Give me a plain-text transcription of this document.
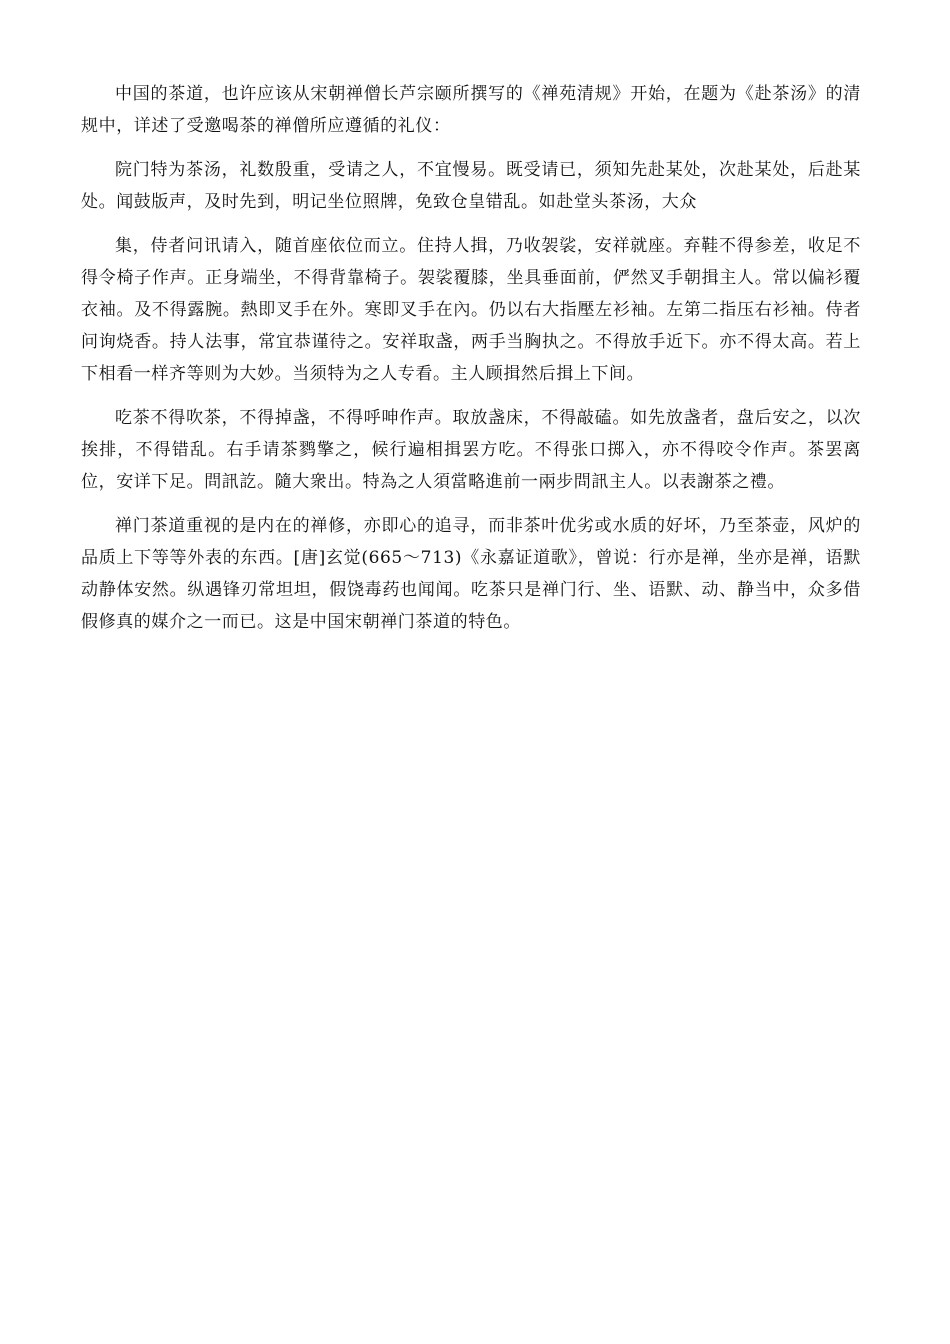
中国的茶道，也许应该从宋朝禅僧长芦宗颐所撰写的《禅苑清规》开始，在题为《赴茶汤》的清规中，详述了受邀喝茶的禅僧所应遵循的礼仪：

院门特为茶汤，礼数殷重，受请之人，不宜慢易。既受请已，须知先赴某处，次赴某处，后赴某处。闻鼓版声，及时先到，明记坐位照牌，免致仓皇错乱。如赴堂头茶汤，大众

集，侍者问讯请入，随首座依位而立。住持人揖，乃收袈裟，安祥就座。弃鞋不得参差，收足不得令椅子作声。正身端坐，不得背靠椅子。袈裟覆膝，坐具垂面前，俨然叉手朝揖主人。常以偏衫覆衣袖。及不得露腕。熱即叉手在外。寒即叉手在內。仍以右大指壓左衫袖。左第二指压右衫袖。侍者问询烧香。持人法事，常宜恭谨待之。安祥取盏，两手当胸执之。不得放手近下。亦不得太高。若上下相看一样齐等则为大妙。当须特为之人专看。主人顾揖然后揖上下间。

吃茶不得吹茶，不得掉盏，不得呼呻作声。取放盏床，不得敲磕。如先放盏者，盘后安之，以次挨排，不得错乱。右手请茶鹨擎之，候行遍相揖罢方吃。不得张口掷入，亦不得咬令作声。茶罢离位，安详下足。問訊訖。隨大衆出。特為之人須當略進前一兩步問訊主人。以表謝茶之禮。

禅门茶道重视的是内在的禅修，亦即心的追寻，而非茶叶优劣或水质的好坏，乃至茶壶，风炉的品质上下等等外表的东西。[唐]玄觉(665～713)《永嘉证道歌》，曾说：行亦是禅，坐亦是禅，语默动静体安然。纵遇锋刃常坦坦，假饶毒药也闻闻。吃茶只是禅门行、坐、语默、动、静当中，众多借假修真的媒介之一而已。这是中国宋朝禅门茶道的特色。
